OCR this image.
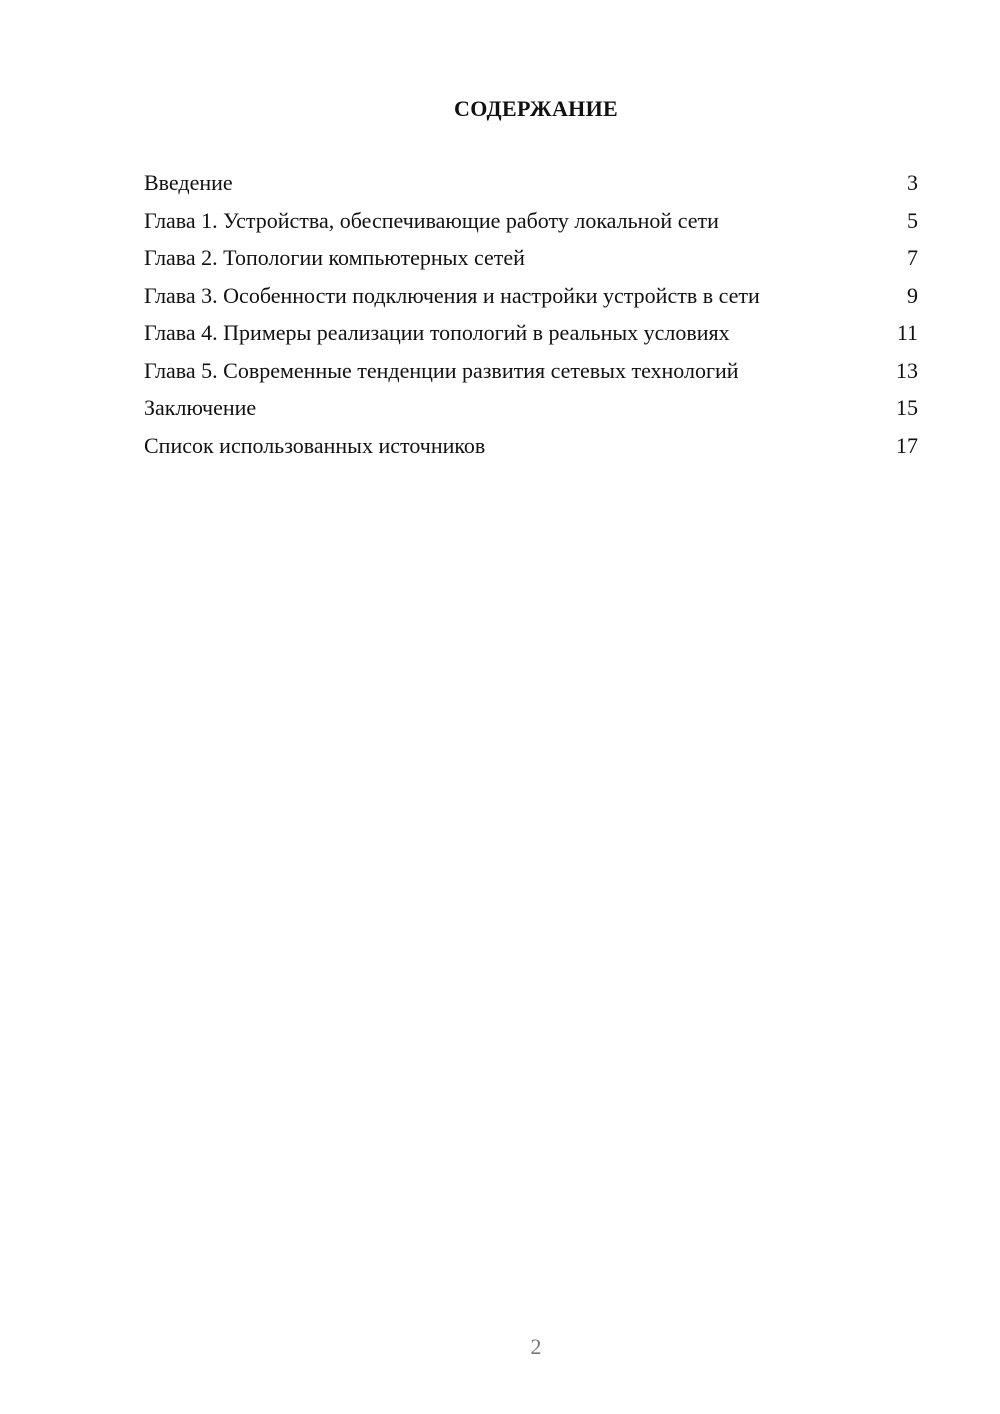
СОДЕРЖАНИЕ
Введение	3
Глава 1. Устройства, обеспечивающие работу локальной сети	5
Глава 2. Топологии компьютерных сетей	7
Глава 3. Особенности подключения и настройки устройств в сети	9
Глава 4. Примеры реализации топологий в реальных условиях	11
Глава 5. Современные тенденции развития сетевых технологий	13
Заключение	15
Список использованных источников	17
2
